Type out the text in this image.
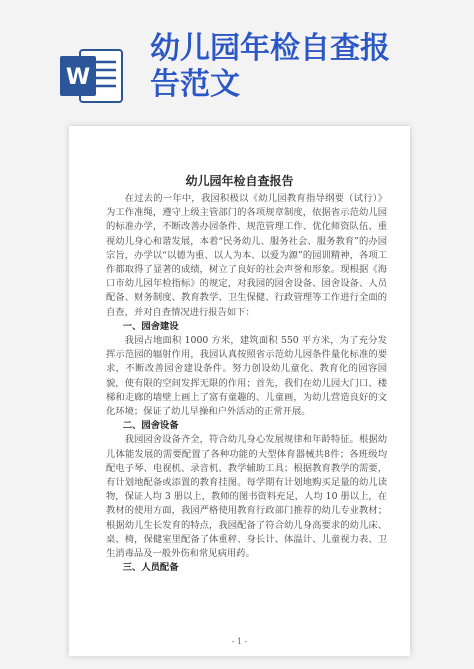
W
幼儿园年检自查报
告范文
幼儿园年检自查报告

在过去的一年中，我园积极以《幼儿园教育指导纲要（试行）》为工作准绳，遵守上级主管部门的各项规章制度，依据省示范幼儿园的标准办学，不断改善办园条件、规范管理工作、优化师资队伍、重视幼儿身心和谐发展，本着“民务幼儿、服务社会、服务教育”的办园宗旨，办学以“以德为重、以人为本、以爱为源”的园训精神，各项工作都取得了显著的成绩，树立了良好的社会声誉和形象。现根据《海口市幼儿园年检指标》的规定，对我园的园舍设备、园舍设备、人员配备、财务制度、教育教学、卫生保健、行政管理等工作进行全面的自查，并对自查情况进行报告如下：

一、园舍建设

我园占地面积 1000 方米，建筑面积 550 平方米，为了充分发挥示范园的辐射作用，我园认真按照省示范幼儿园条件量化标准的要求，不断改善园舍建设条件。努力创设幼儿童化、教育化的园容园貌，使有限的空间发挥无限的作用；首先，我们在幼儿园大门口、楼梯和走廊的墙壁上画上了富有童趣的、儿童画，为幼儿营造良好的文化环境；保证了幼儿早操和户外活动的正常开展。

二、园舍设备

我园园舍设备齐全，符合幼儿身心发展规律和年龄特征。根据幼儿体能发展的需要配置了各种功能的大型体育器械共8件；各班级均配电子琴、电视机、录音机、教学辅助工具；根据教育教学的需要，有计划地配备或添置的教育挂图。每学期有计划地购买足量的幼儿读物，保证人均 3 册以上，教师的图书资料充足，人均 10 册以上，在教材的使用方面，我园严格使用教育行政部门推荐的幼儿专业教材；根据幼儿生长发育的特点，我园配备了符合幼儿身高要求的幼儿床、桌、椅，保健室里配备了体重秤、身长计、体温计、儿童视力表、卫生消毒品及一般外伤和常见病用药。

三、人员配备

- 1 -
